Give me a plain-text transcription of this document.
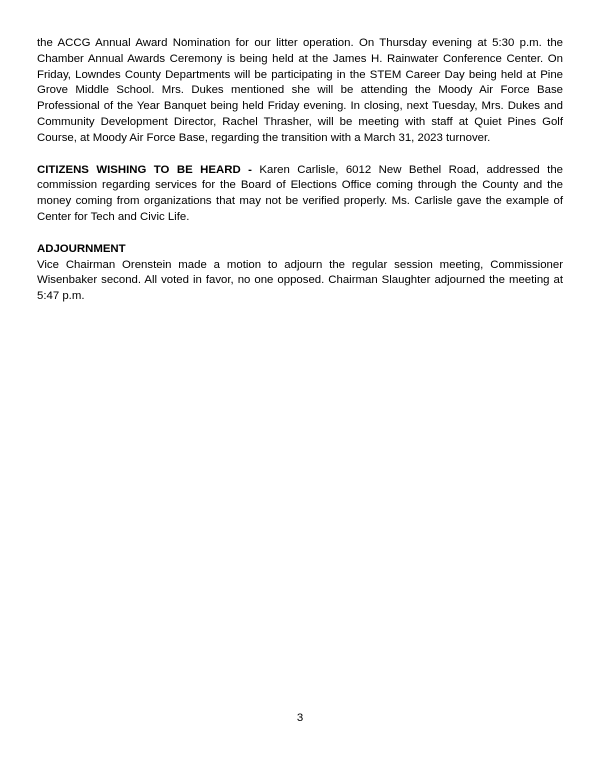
the ACCG Annual Award Nomination for our litter operation. On Thursday evening at 5:30 p.m. the Chamber Annual Awards Ceremony is being held at the James H. Rainwater Conference Center. On Friday, Lowndes County Departments will be participating in the STEM Career Day being held at Pine Grove Middle School. Mrs. Dukes mentioned she will be attending the Moody Air Force Base Professional of the Year Banquet being held Friday evening. In closing, next Tuesday, Mrs. Dukes and Community Development Director, Rachel Thrasher, will be meeting with staff at Quiet Pines Golf Course, at Moody Air Force Base, regarding the transition with a March 31, 2023 turnover.

CITIZENS WISHING TO BE HEARD - Karen Carlisle, 6012 New Bethel Road, addressed the commission regarding services for the Board of Elections Office coming through the County and the money coming from organizations that may not be verified properly. Ms. Carlisle gave the example of Center for Tech and Civic Life.

ADJOURNMENT

Vice Chairman Orenstein made a motion to adjourn the regular session meeting, Commissioner Wisenbaker second. All voted in favor, no one opposed. Chairman Slaughter adjourned the meeting at 5:47 p.m.

3
